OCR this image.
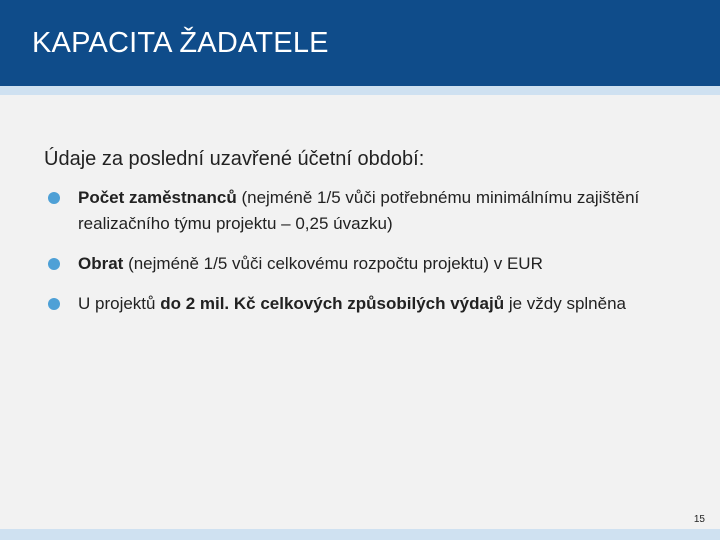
KAPACITA ŽADATELE
Údaje za poslední uzavřené účetní období:
Počet zaměstnanců (nejméně 1/5 vůči potřebnému minimálnímu zajištění realizačního týmu projektu – 0,25 úvazku)
Obrat (nejméně 1/5 vůči celkovému rozpočtu projektu) v EUR
U projektů do 2 mil. Kč celkových způsobilých výdajů je vždy splněna
15
